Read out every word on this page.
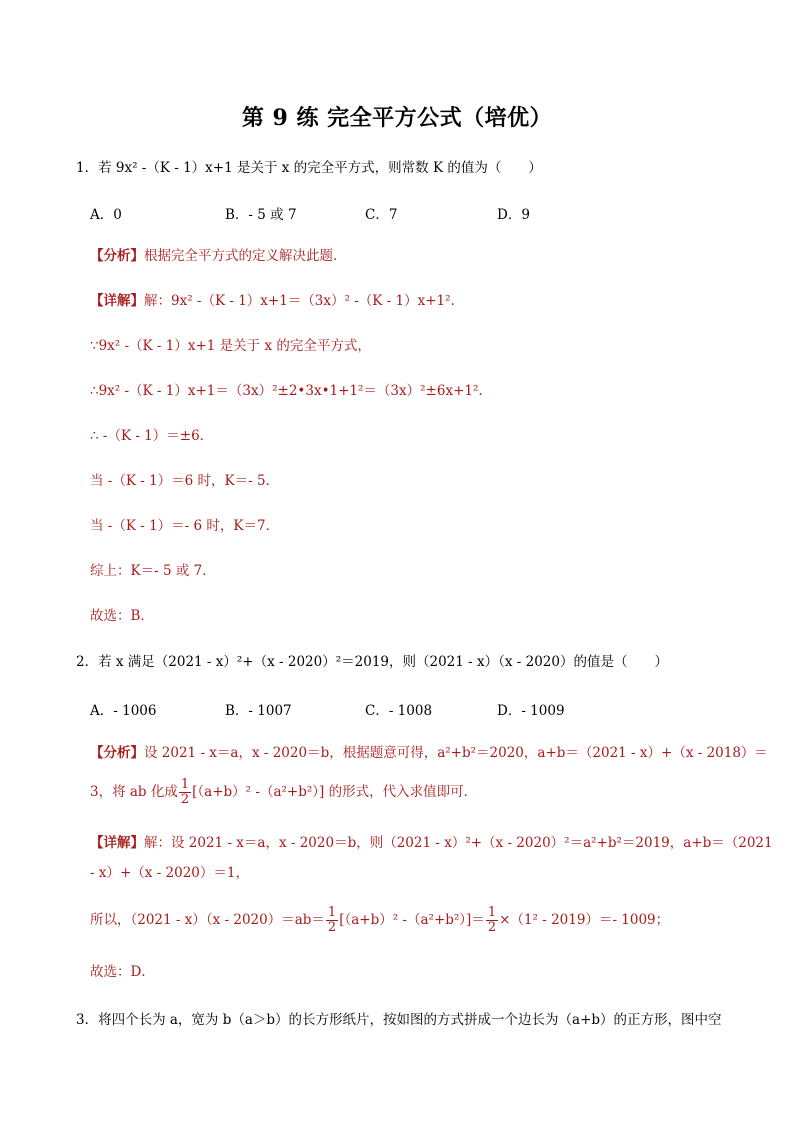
第 9 练 完全平方公式（培优）
1．若 9x² -（K - 1）x+1 是关于 x 的完全平方式，则常数 K 的值为（　　）
A．0	B．- 5 或 7	C．7	D．9
【分析】根据完全平方式的定义解决此题．
【详解】解：9x² -（K - 1）x+1＝（3x）² -（K - 1）x+1².
∵9x² -（K - 1）x+1 是关于 x 的完全平方式，
∴9x² -（K - 1）x+1＝（3x）²±2•3x•1+1²＝（3x）²±6x+1².
∴ -（K - 1）＝±6．
当 -（K - 1）＝6 时，K＝- 5．
当 -（K - 1）＝- 6 时，K＝7．
综上：K＝- 5 或 7．
故选：B．
2．若 x 满足（2021 - x）²+（x - 2020）²＝2019，则（2021 - x）（x - 2020）的值是（　　）
A．- 1006	B．- 1007	C．- 1008	D．- 1009
【分析】设 2021 - x＝a，x - 2020＝b，根据题意可得，a²+b²＝2020，a+b＝（2021 - x）+（x - 2018）＝
3，将 ab 化成 $\frac{1}{2} [(a+b)^2$ -（a²+b²）] 的形式，代入求值即可．
【详解】解：设 2021 - x＝a，x - 2020＝b，则（2021 - x）²+（x - 2020）²＝a²+b²＝2019，a+b＝（2021
- x）+（x - 2020）＝1，
所以，$(2021 - x)(x - 2020)=ab= \frac{1}{2} [(a+b)^2$ $-(a^2+b^2)]= \frac{1}{2} \times(1^2 - 2019)=-$ 1009；
故选：D．
3．将四个长为 a，宽为 b（a＞b）的长方形纸片，按如图的方式拼成一个边长为（a+b）的正方形，图中空
